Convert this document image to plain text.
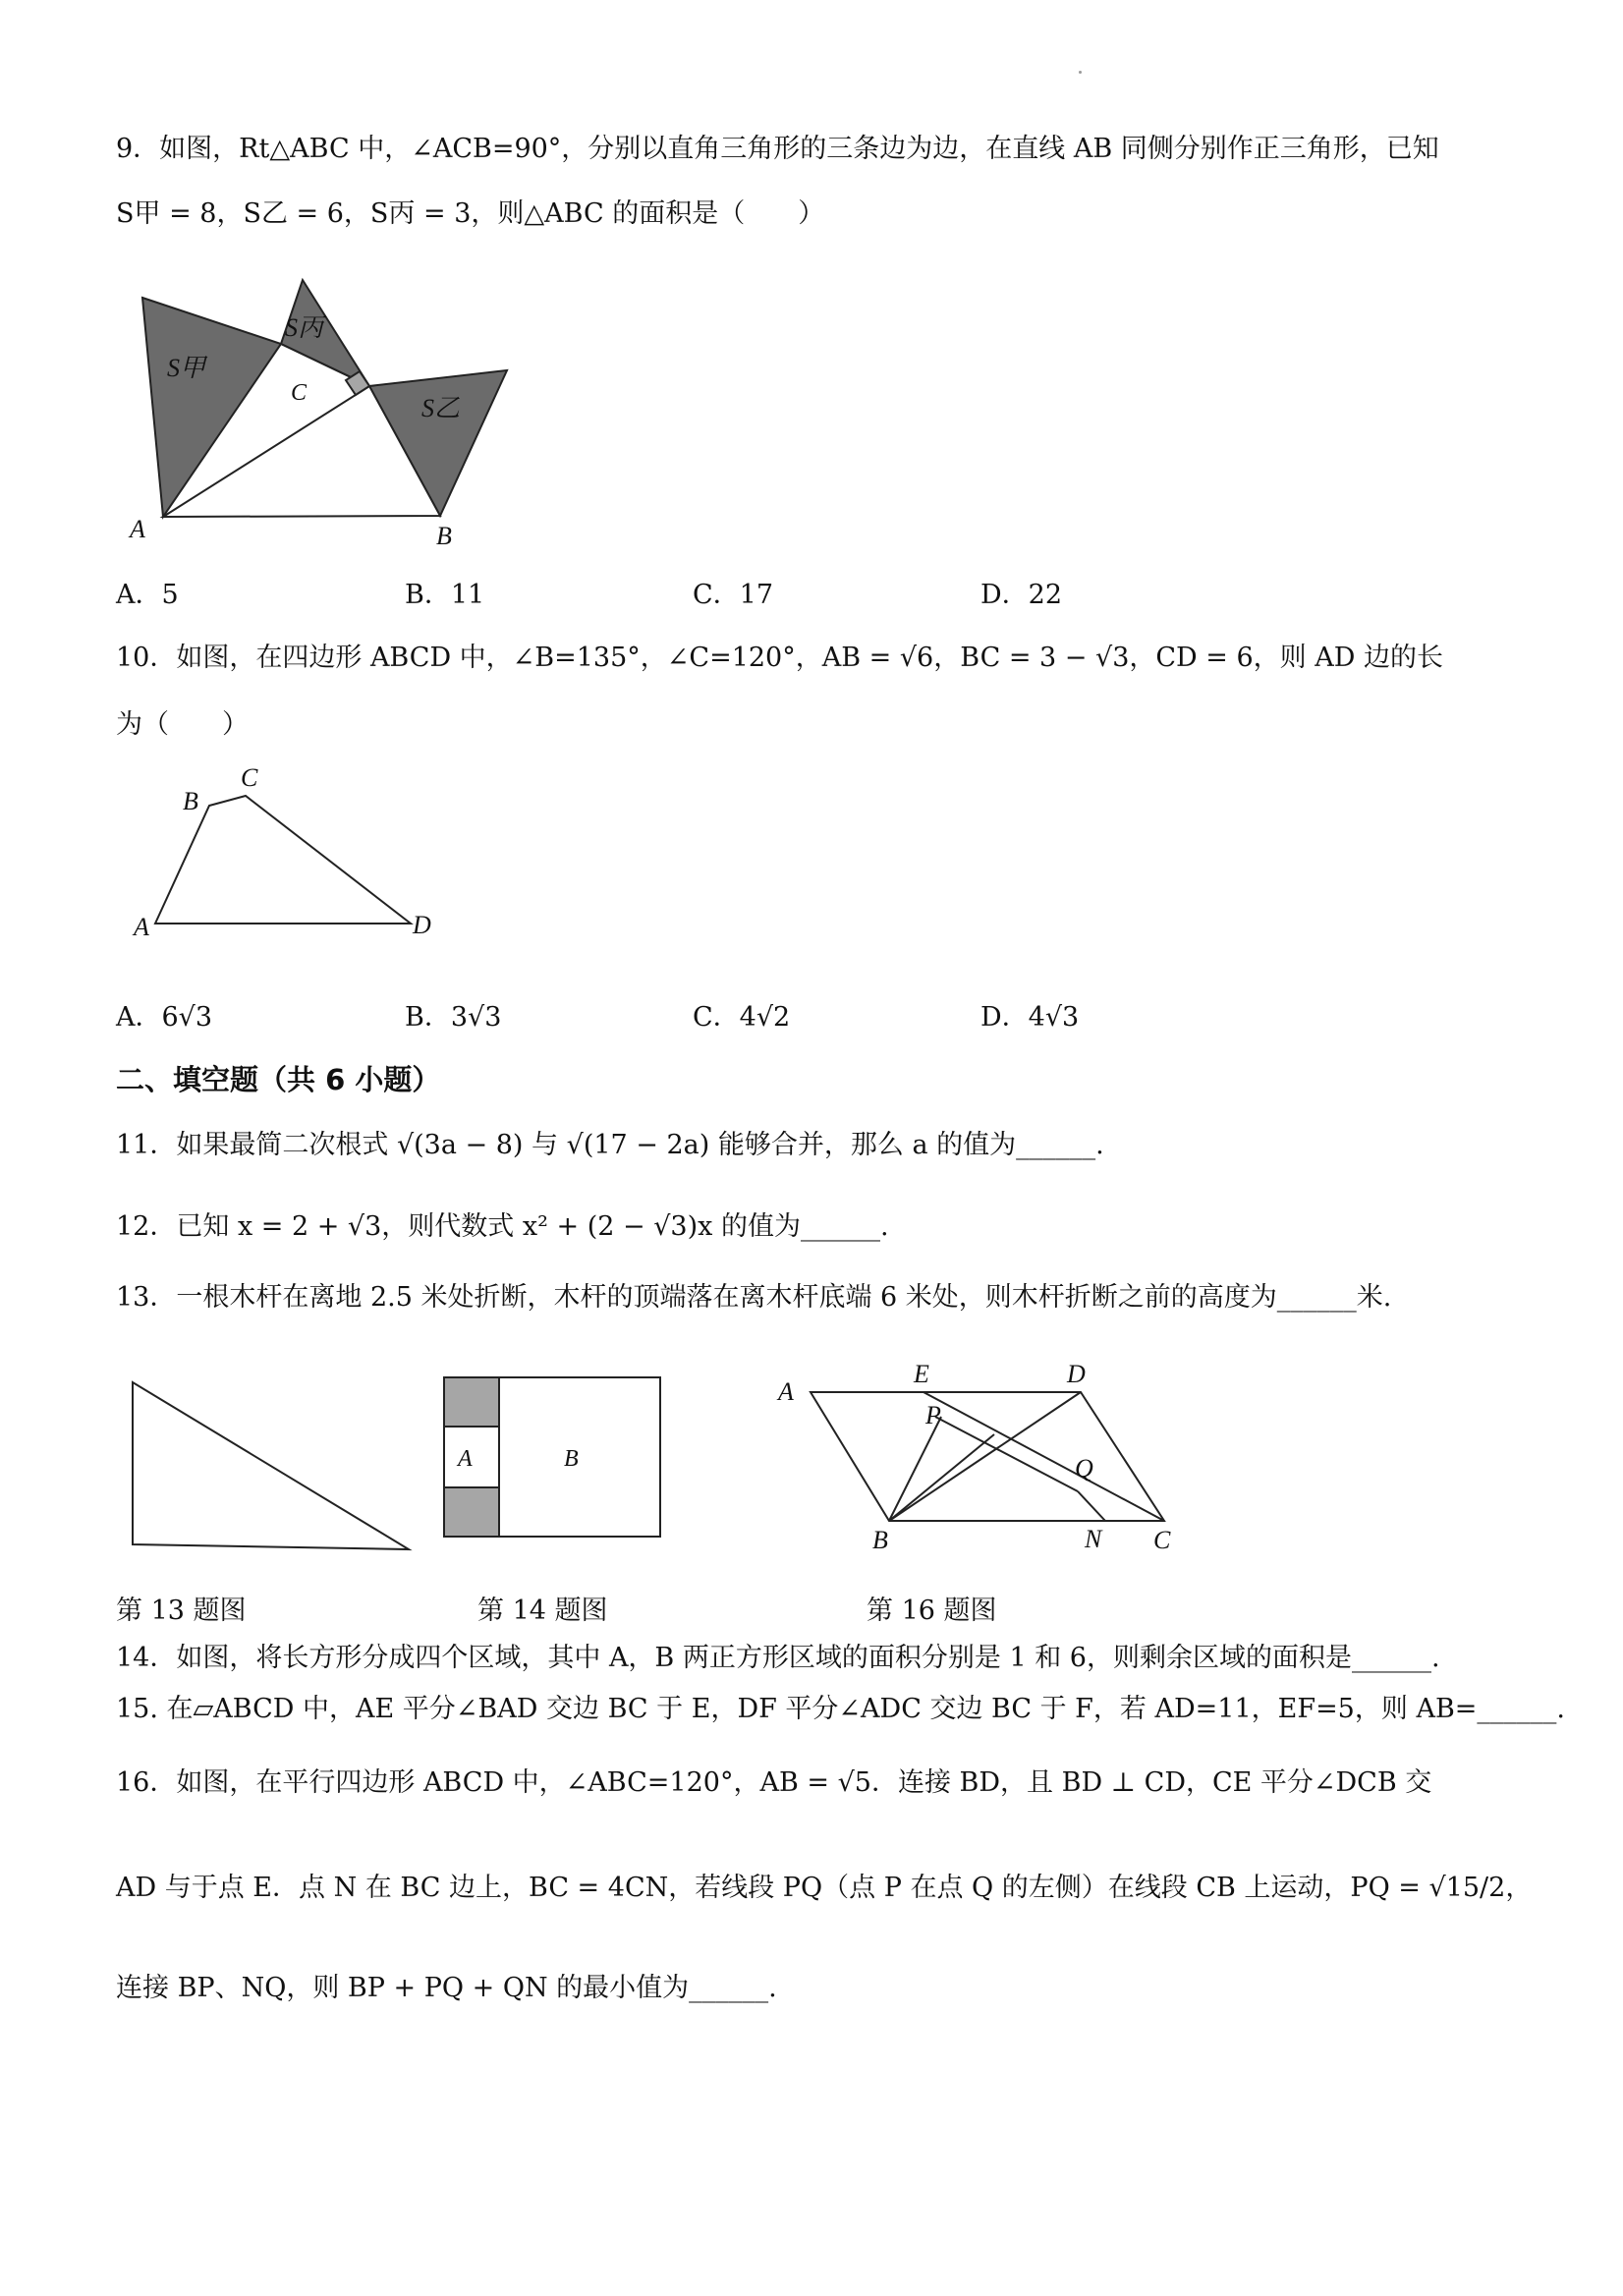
9．如图，Rt△ABC 中，∠ACB=90°，分别以直角三角形的三条边为边，在直线 AB 同侧分别作正三角形，已知
S甲 = 8，S乙 = 6，S丙 = 3，则△ABC 的面积是（　　）
S甲
S丙
S乙
C
A	B
A．5	B．11	C．17	D．22
10．如图，在四边形 ABCD 中，∠B=135°，∠C=120°，AB = √6，BC = 3 − √3，CD = 6，则 AD 边的长
为（　　）
A
B
C
D
A．6√3	B．3√3	C．4√2	D．4√3
二、填空题（共 6 小题）
11．如果最简二次根式 √(3a − 8) 与 √(17 − 2a) 能够合并，那么 a 的值为______.
12．已知 x = 2 + √3，则代数式 x² + (2 − √3)x 的值为______.
13．一根木杆在离地 2.5 米处折断，木杆的顶端落在离木杆底端 6 米处，则木杆折断之前的高度为______米.
A	B
A
E	D
P
Q
B	N C
第 13 题图	第 14 题图	第 16 题图
14．如图，将长方形分成四个区域，其中 A，B 两正方形区域的面积分别是 1 和 6，则剩余区域的面积是______.
15. 在▱ABCD 中，AE 平分∠BAD 交边 BC 于 E，DF 平分∠ADC 交边 BC 于 F，若 AD=11，EF=5，则 AB=______.
16．如图，在平行四边形 ABCD 中，∠ABC=120°，AB = √5．连接 BD，且 BD ⊥ CD，CE 平分∠DCB 交
AD 与于点 E．点 N 在 BC 边上，BC = 4CN，若线段 PQ（点 P 在点 Q 的左侧）在线段 CB 上运动，PQ = √15/2，
连接 BP、NQ，则 BP + PQ + QN 的最小值为______.
